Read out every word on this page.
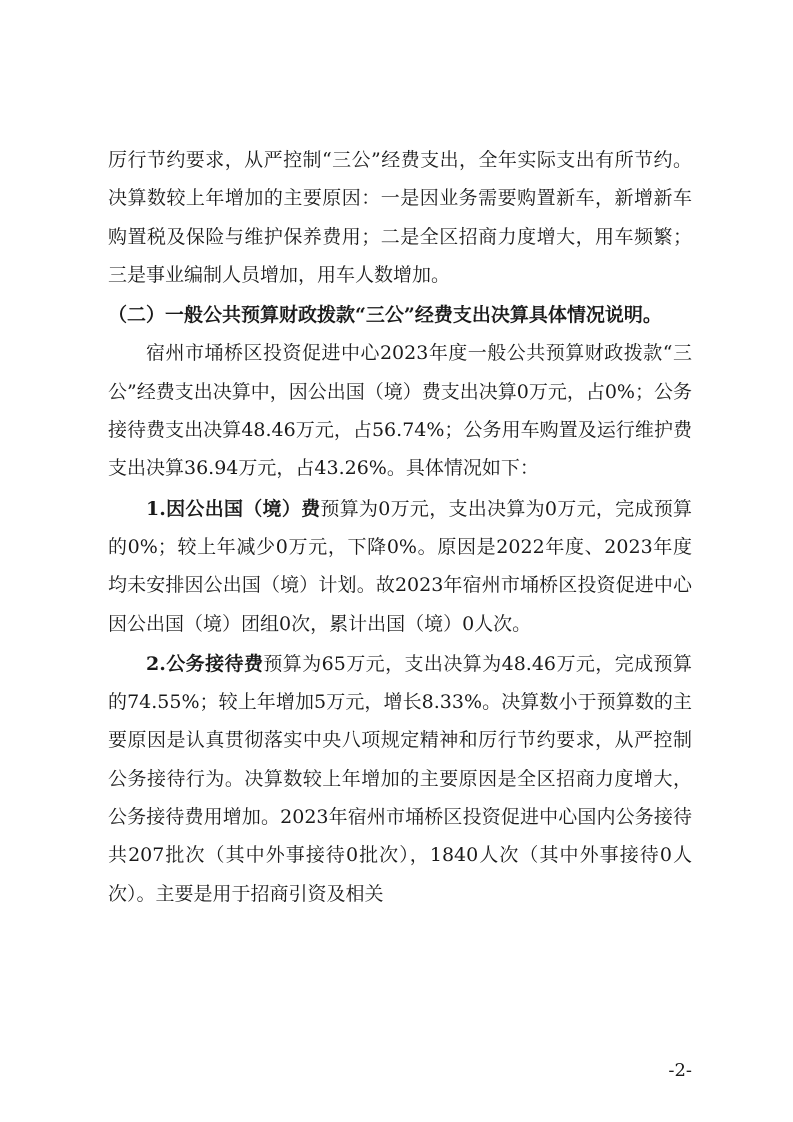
厉行节约要求，从严控制“三公”经费支出，全年实际支出有所节约。决算数较上年增加的主要原因：一是因业务需要购置新车，新增新车购置税及保险与维护保养费用；二是全区招商力度增大，用车频繁；三是事业编制人员增加，用车人数增加。

（二）一般公共预算财政拨款“三公”经费支出决算具体情况说明。

宿州市埇桥区投资促进中心2023年度一般公共预算财政拨款“三公”经费支出决算中，因公出国（境）费支出决算0万元，占0%；公务接待费支出决算48.46万元，占56.74%；公务用车购置及运行维护费支出决算36.94万元，占43.26%。具体情况如下：

1.因公出国（境）费预算为0万元，支出决算为0万元，完成预算的0%；较上年减少0万元，下降0%。原因是2022年度、2023年度均未安排因公出国（境）计划。故2023年宿州市埇桥区投资促进中心因公出国（境）团组0次，累计出国（境）0人次。

2.公务接待费预算为65万元，支出决算为48.46万元，完成预算的74.55%；较上年增加5万元，增长8.33%。决算数小于预算数的主要原因是认真贯彻落实中央八项规定精神和厉行节约要求，从严控制公务接待行为。决算数较上年增加的主要原因是全区招商力度增大，公务接待费用增加。2023年宿州市埇桥区投资促进中心国内公务接待共207批次（其中外事接待0批次），1840人次（其中外事接待0人次）。主要是用于招商引资及相关

-2-
